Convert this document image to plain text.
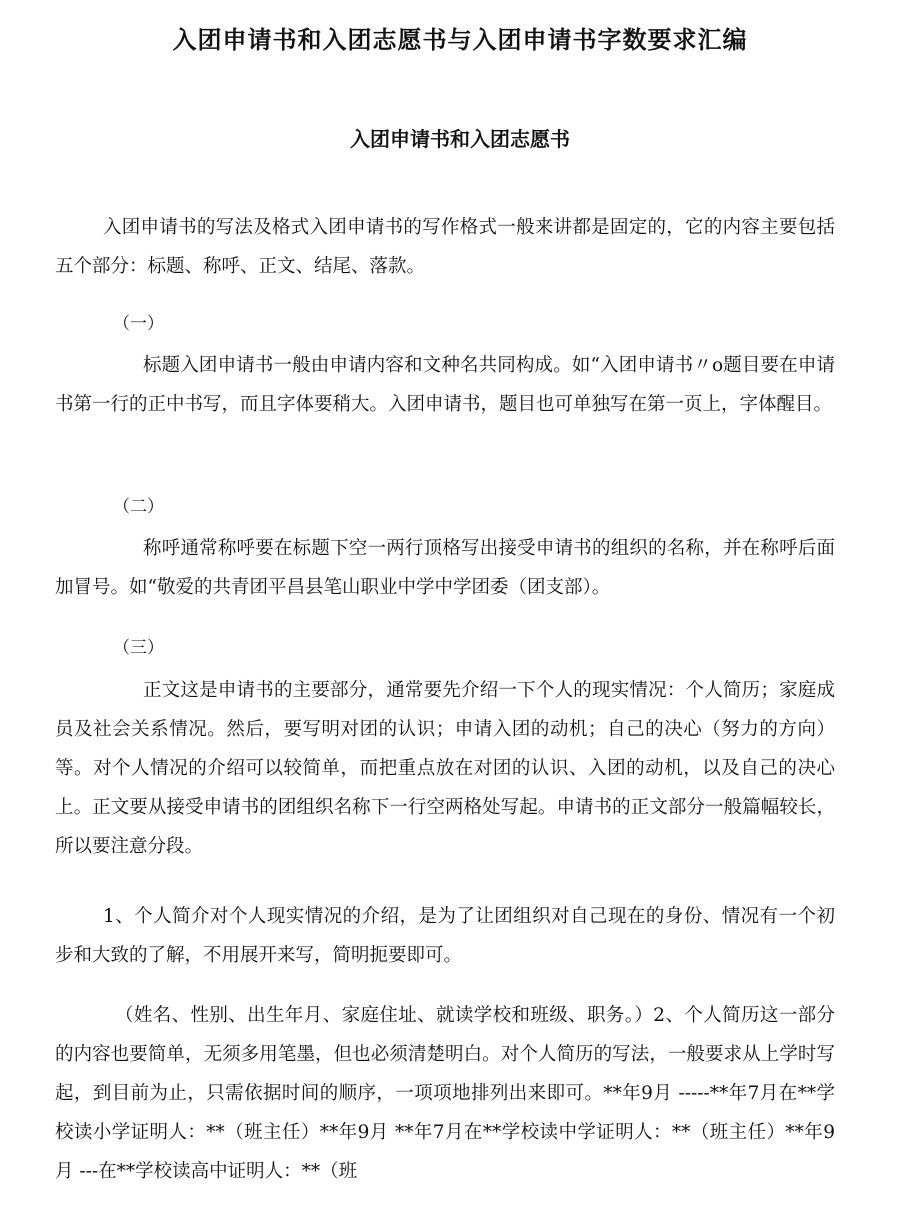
入团申请书和入团志愿书与入团申请书字数要求汇编
入团申请书和入团志愿书

入团申请书的写法及格式入团申请书的写作格式一般来讲都是固定的，它的内容主要包括五个部分：标题、称呼、正文、结尾、落款。

（一）

标题入团申请书一般由申请内容和文种名共同构成。如“入团申请书〃o题目要在申请书第一行的正中书写，而且字体要稍大。入团申请书，题目也可单独写在第一页上，字体醒目。

（二）

称呼通常称呼要在标题下空一两行顶格写出接受申请书的组织的名称，并在称呼后面加冒号。如“敬爱的共青团平昌县笔山职业中学中学团委（团支部）。

（三）

正文这是申请书的主要部分，通常要先介绍一下个人的现实情况：个人简历；家庭成员及社会关系情况。然后，要写明对团的认识；申请入团的动机；自己的决心（努力的方向）等。对个人情况的介绍可以较简单，而把重点放在对团的认识、入团的动机，以及自己的决心上。正文要从接受申请书的团组织名称下一行空两格处写起。申请书的正文部分一般篇幅较长，所以要注意分段。

1、个人简介对个人现实情况的介绍，是为了让团组织对自己现在的身份、情况有一个初步和大致的了解，不用展开来写，简明扼要即可。

（姓名、性别、出生年月、家庭住址、就读学校和班级、职务。）2、个人简历这一部分的内容也要简单，无须多用笔墨，但也必须清楚明白。对个人简历的写法，一般要求从上学时写起，到目前为止，只需依据时间的顺序，一项项地排列出来即可。**年9月 -----**年7月在**学校读小学证明人：**（班主任）**年9月 **年7月在**学校读中学证明人：**（班主任）**年9月 ---在**学校读高中证明人：**（班
